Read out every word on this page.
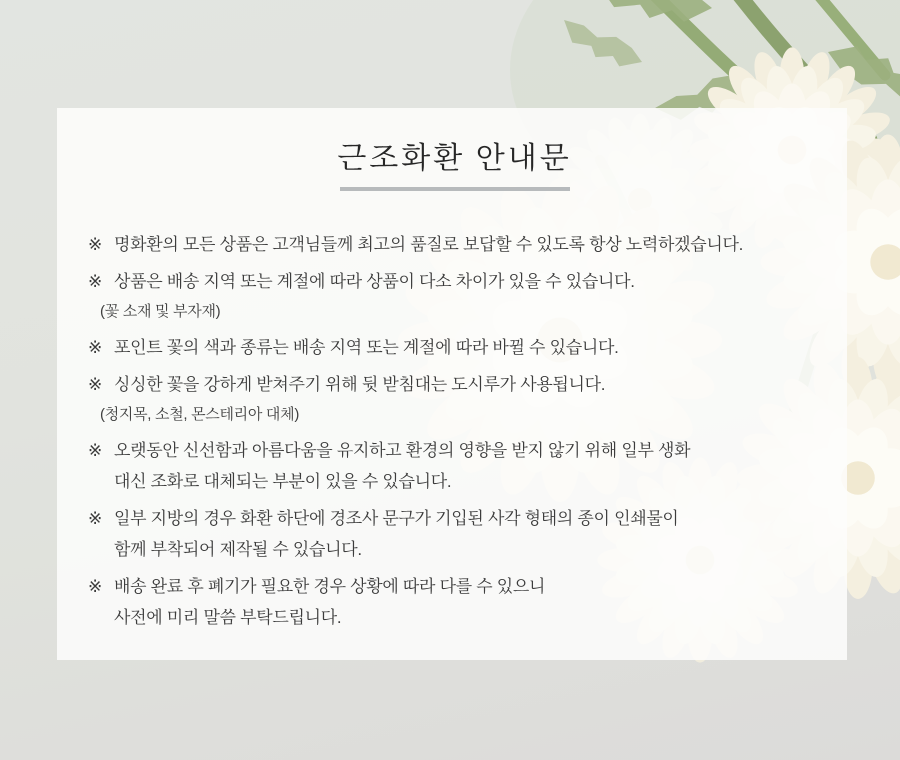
근조화환 안내문
※ 명화환의 모든 상품은 고객님들께 최고의 품질로 보답할 수 있도록 항상 노력하겠습니다.
※ 상품은 배송 지역 또는 계절에 따라 상품이 다소 차이가 있을 수 있습니다.
(꽃 소재 및 부자재)
※ 포인트 꽃의 색과 종류는 배송 지역 또는 계절에 따라 바뀔 수 있습니다.
※ 싱싱한 꽃을 강하게 받쳐주기 위해 뒷 받침대는 도시루가 사용됩니다.
(청지목, 소철, 몬스테리아 대체)
※ 오랫동안 신선함과 아름다움을 유지하고 환경의 영향을 받지 않기 위해 일부 생화
대신 조화로 대체되는 부분이 있을 수 있습니다.
※ 일부 지방의 경우 화환 하단에 경조사 문구가 기입된 사각 형태의 종이 인쇄물이
함께 부착되어 제작될 수 있습니다.
※ 배송 완료 후 폐기가 필요한 경우 상황에 따라 다를 수 있으니
사전에 미리 말씀 부탁드립니다.
